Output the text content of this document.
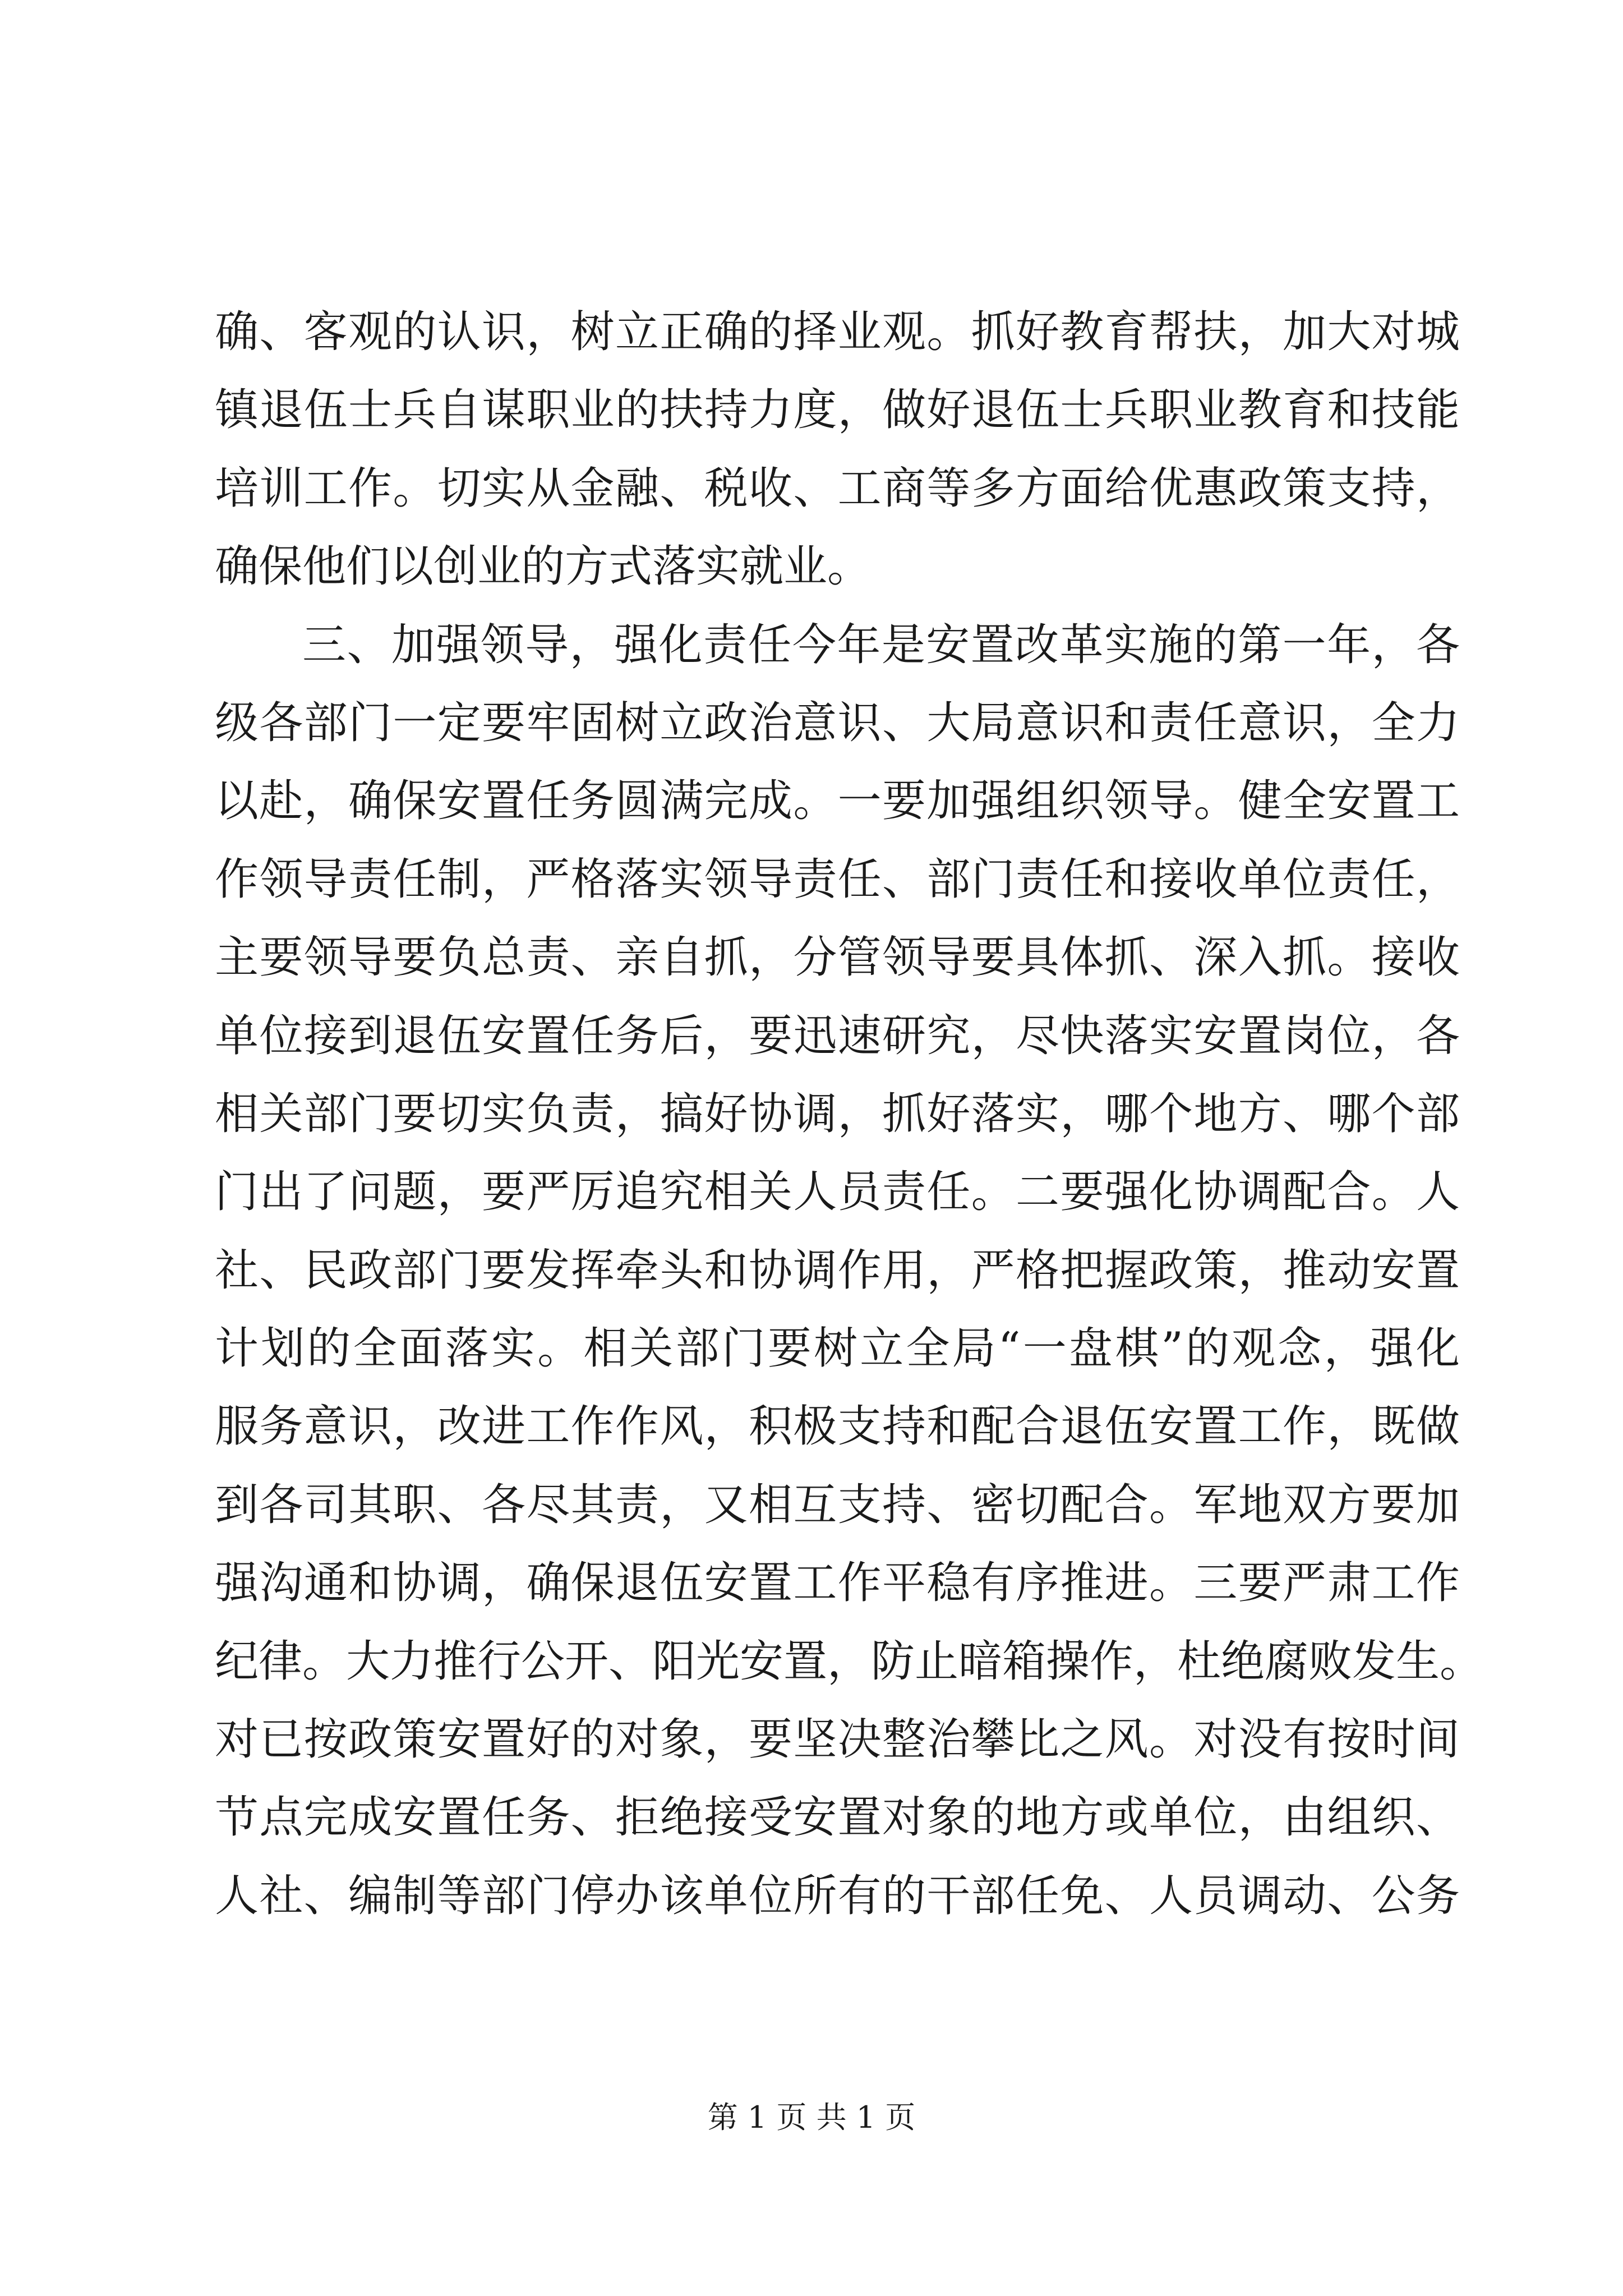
确、客观的认识，树立正确的择业观。抓好教育帮扶，加大对城
镇退伍士兵自谋职业的扶持力度，做好退伍士兵职业教育和技能
培训工作。切实从金融、税收、工商等多方面给优惠政策支持，
确保他们以创业的方式落实就业。
三、加强领导，强化责任今年是安置改革实施的第一年，各
级各部门一定要牢固树立政治意识、大局意识和责任意识，全力
以赴，确保安置任务圆满完成。一要加强组织领导。健全安置工
作领导责任制，严格落实领导责任、部门责任和接收单位责任，
主要领导要负总责、亲自抓，分管领导要具体抓、深入抓。接收
单位接到退伍安置任务后，要迅速研究，尽快落实安置岗位，各
相关部门要切实负责，搞好协调，抓好落实，哪个地方、哪个部
门出了问题，要严厉追究相关人员责任。二要强化协调配合。人
社、民政部门要发挥牵头和协调作用，严格把握政策，推动安置
计划的全面落实。相关部门要树立全局“一盘棋”的观念，强化
服务意识，改进工作作风，积极支持和配合退伍安置工作，既做
到各司其职、各尽其责，又相互支持、密切配合。军地双方要加
强沟通和协调，确保退伍安置工作平稳有序推进。三要严肃工作
纪律。大力推行公开、阳光安置，防止暗箱操作，杜绝腐败发生。
对已按政策安置好的对象，要坚决整治攀比之风。对没有按时间
节点完成安置任务、拒绝接受安置对象的地方或单位，由组织、
人社、编制等部门停办该单位所有的干部任免、人员调动、公务
第 1 页 共 1 页
